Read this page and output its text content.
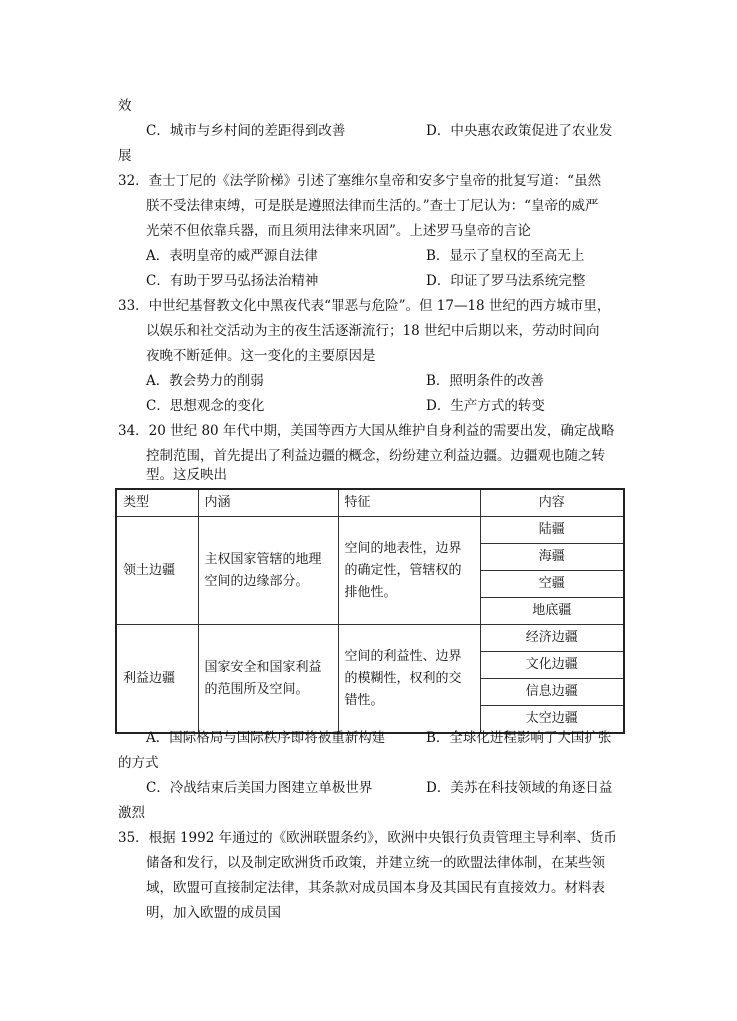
效
C．城市与乡村间的差距得到改善	D．中央惠农政策促进了农业发
展
32．查士丁尼的《法学阶梯》引述了塞维尔皇帝和安多宁皇帝的批复写道：“虽然
朕不受法律束缚，可是朕是遵照法律而生活的。”查士丁尼认为：“皇帝的威严
光荣不但依靠兵器，而且须用法律来巩固”。上述罗马皇帝的言论
A．表明皇帝的威严源自法律	B．显示了皇权的至高无上
C．有助于罗马弘扬法治精神	D．印证了罗马法系统完整
33．中世纪基督教文化中黑夜代表“罪恶与危险”。但 17—18 世纪的西方城市里，
以娱乐和社交活动为主的夜生活逐渐流行；18 世纪中后期以来，劳动时间向
夜晚不断延伸。这一变化的主要原因是
A．教会势力的削弱	B．照明条件的改善
C．思想观念的变化	D．生产方式的转变
34．20 世纪 80 年代中期，美国等西方大国从维护自身利益的需要出发，确定战略
控制范围，首先提出了利益边疆的概念，纷纷建立利益边疆。边疆观也随之转
型。这反映出
类型	内涵	特征	内容
领土边疆	主权国家管辖的地理空间的边缘部分。	空间的地表性，边界的确定性，管辖权的排他性。	陆疆
			海疆
			空疆
			地底疆
利益边疆	国家安全和国家利益的范围所及空间。	空间的利益性、边界的模糊性，权利的交错性。	经济边疆
			文化边疆
			信息边疆
			太空边疆
A．国际格局与国际秩序即将被重新构建	B．全球化进程影响了大国扩张
的方式
C．冷战结束后美国力图建立单极世界	D．美苏在科技领域的角逐日益
激烈
35．根据 1992 年通过的《欧洲联盟条约》，欧洲中央银行负责管理主导利率、货币
储备和发行，以及制定欧洲货币政策，并建立统一的欧盟法律体制，在某些领
域，欧盟可直接制定法律，其条款对成员国本身及其国民有直接效力。材料表
明，加入欧盟的成员国
